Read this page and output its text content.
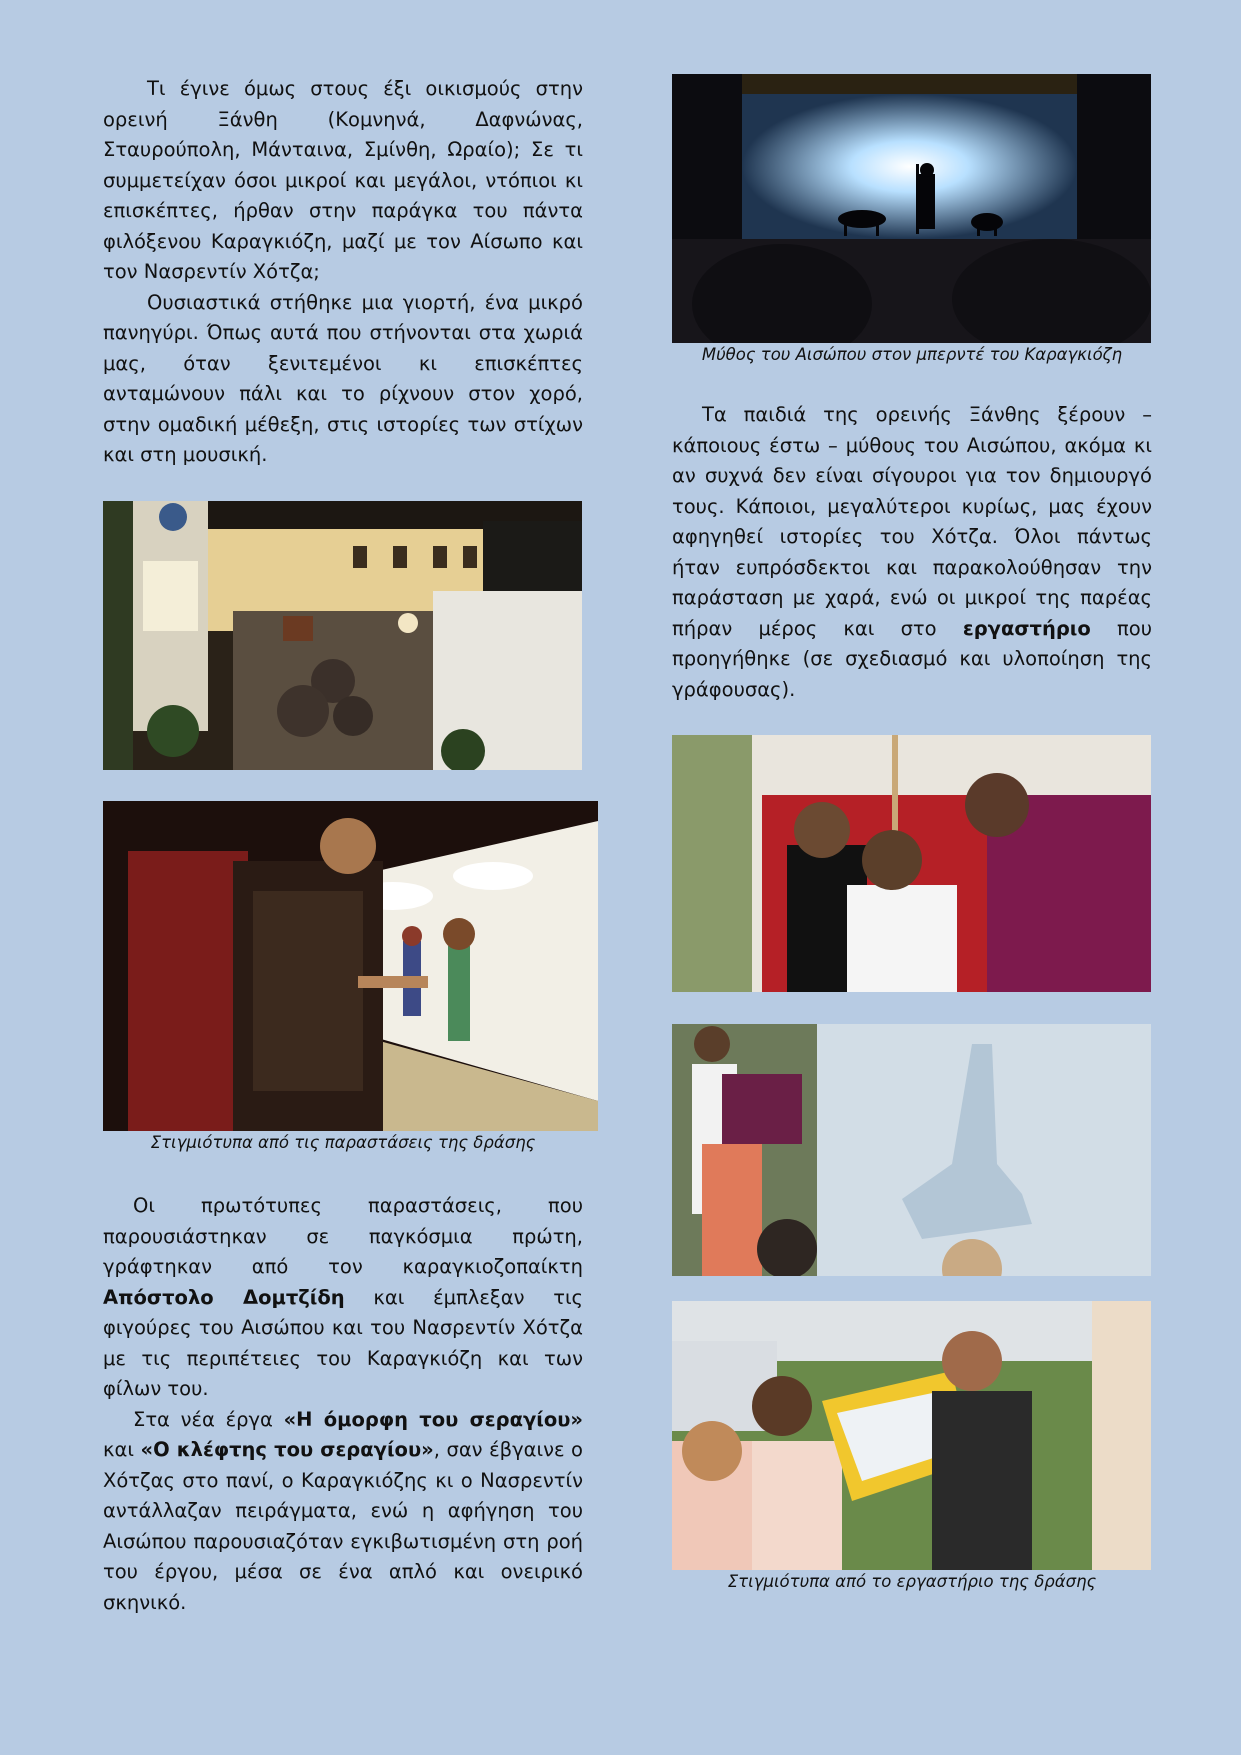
Τι έγινε όμως στους έξι οικισμούς στην ορεινή Ξάνθη (Κομνηνά, Δαφνώνας, Σταυρούπολη, Μάνταινα, Σμίνθη, Ωραίο); Σε τι συμμετείχαν όσοι μικροί και μεγάλοι, ντόπιοι κι επισκέπτες, ήρθαν στην παράγκα του πάντα φιλόξενου Καραγκιόζη, μαζί με τον Αίσωπο και τον Νασρεντίν Χότζα;

Ουσιαστικά στήθηκε μια γιορτή, ένα μικρό πανηγύρι. Όπως αυτά που στήνονται στα χωριά μας, όταν ξενιτεμένοι κι επισκέπτες ανταμώνουν πάλι και το ρίχνουν στον χορό, στην ομαδική μέθεξη, στις ιστορίες των στίχων και στη μουσική.

Στιγμιότυπα από τις παραστάσεις της δράσης

Οι πρωτότυπες παραστάσεις, που παρουσιάστηκαν σε παγκόσμια πρώτη, γράφτηκαν από τον καραγκιοζοπαίκτη Απόστολο Δομτζίδη και έμπλεξαν τις φιγούρες του Αισώπου και του Νασρεντίν Χότζα με τις περιπέτειες του Καραγκιόζη και των φίλων του.

Στα νέα έργα «Η όμορφη του σεραγίου» και «Ο κλέφτης του σεραγίου», σαν έβγαινε ο Χότζας στο πανί, ο Καραγκιόζης κι ο Νασρεντίν αντάλλαζαν πειράγματα, ενώ η αφήγηση του Αισώπου παρουσιαζόταν εγκιβωτισμένη στη ροή του έργου, μέσα σε ένα απλό και ονειρικό σκηνικό.

Μύθος του Αισώπου στον μπερντέ του Καραγκιόζη

Τα παιδιά της ορεινής Ξάνθης ξέρουν – κάποιους έστω – μύθους του Αισώπου, ακόμα κι αν συχνά δεν είναι σίγουροι για τον δημιουργό τους. Κάποιοι, μεγαλύτεροι κυρίως, μας έχουν αφηγηθεί ιστορίες του Χότζα. Όλοι πάντως ήταν ευπρόσδεκτοι και παρακολούθησαν την παράσταση με χαρά, ενώ οι μικροί της παρέας πήραν μέρος και στο εργαστήριο που προηγήθηκε (σε σχεδιασμό και υλοποίηση της γράφουσας).

Στιγμιότυπα από το εργαστήριο της δράσης
